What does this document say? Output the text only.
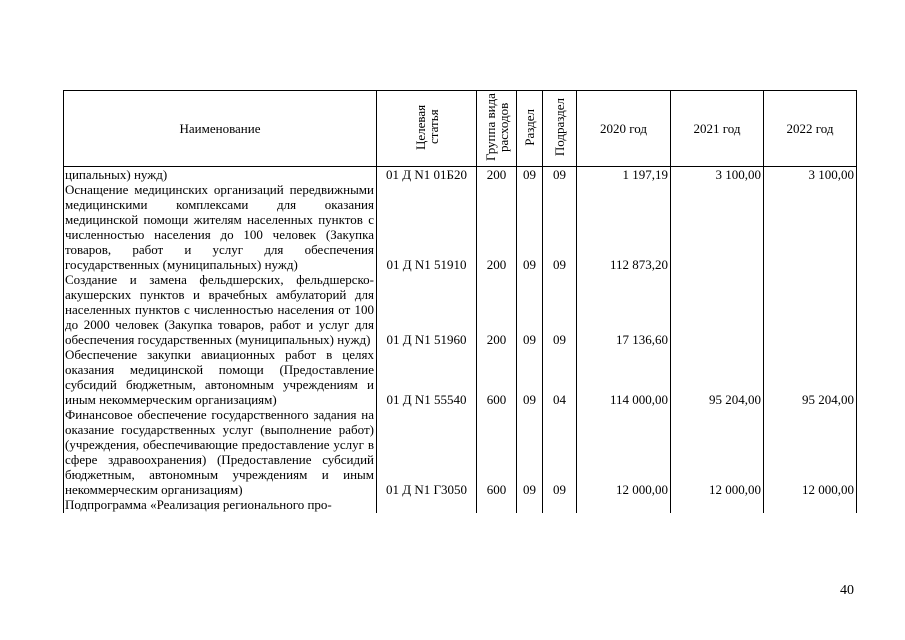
Наименование	Целевая статья	Группа вида расходов	Раздел	Подраздел	2020 год	2021 год	2022 год
ципальных) нужд)	01 Д N1 01Б20	200	09	09	1 197,19	3 100,00	3 100,00
Оснащение медицинских организаций передвижными медицинскими комплексами для оказания медицинской помощи жителям населенных пунктов с численностью населения до 100 человек (Закупка товаров, работ и услуг для обеспечения государственных (муниципальных) нужд)	01 Д N1 51910	200	09	09	112 873,20		
Создание и замена фельдшерских, фельдшерско-акушерских пунктов и врачебных амбулаторий для населенных пунктов с численностью населения от 100 до 2000 человек (Закупка товаров, работ и услуг для обеспечения государственных (муниципальных) нужд)	01 Д N1 51960	200	09	09	17 136,60		
Обеспечение закупки авиационных работ в целях оказания медицинской помощи (Предоставление субсидий бюджетным, автономным учреждениям и иным некоммерческим организациям)	01 Д N1 55540	600	09	04	114 000,00	95 204,00	95 204,00
Финансовое обеспечение государственного задания на оказание государственных услуг (выполнение работ) (учреждения, обеспечивающие предоставление услуг в сфере здравоохранения) (Предоставление субсидий бюджетным, автономным учреждениям и иным некоммерческим организациям)	01 Д N1 Г3050	600	09	09	12 000,00	12 000,00	12 000,00
Подпрограмма «Реализация регионального про-							
40
